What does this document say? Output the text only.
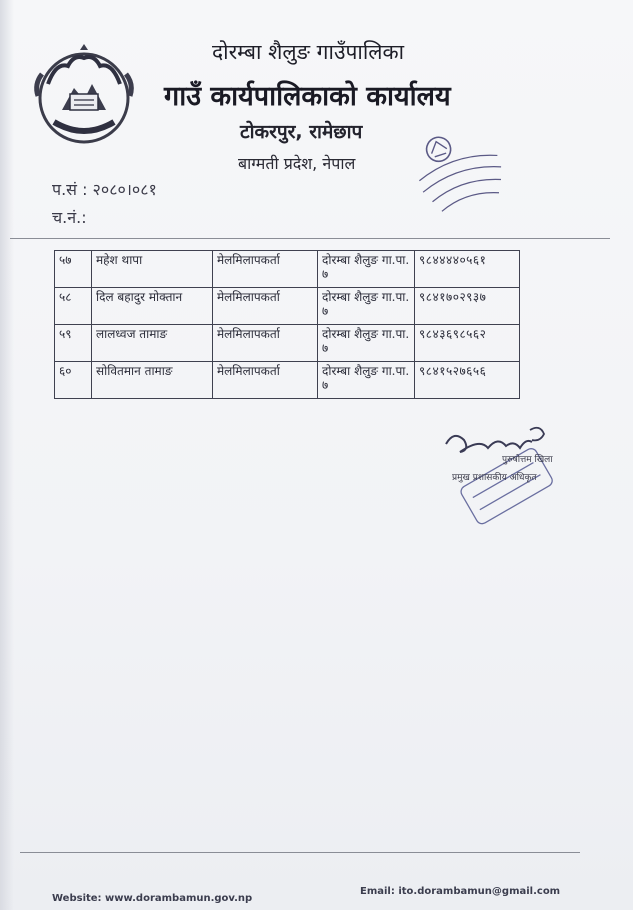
दोरम्बा शैलुङ गाउँपालिका
गाउँ कार्यपालिकाको कार्यालय
टोकरपुर, रामेछाप
बाग्मती प्रदेश, नेपाल
प.सं : २०८०।०८१
च.नं.:
५७	महेश थापा	मेलमिलापकर्ता	दोरम्बा शैलुङ गा.पा. ७	९८४४४४०५६१
५८	दिल बहादुर मोक्तान	मेलमिलापकर्ता	दोरम्बा शैलुङ गा.पा. ७	९८४१७०२९३७
५९	लालध्वज तामाङ	मेलमिलापकर्ता	दोरम्बा शैलुङ गा.पा. ७	९८४३६९८५६२
६०	सोवितमान तामाङ	मेलमिलापकर्ता	दोरम्बा शैलुङ गा.पा. ७	९८४१५२७६५६
पुरुषोत्तम खिला
प्रमुख प्रशासकीय अधिकृत
Website: www.dorambamun.gov.np
Email: ito.dorambamun@gmail.com
